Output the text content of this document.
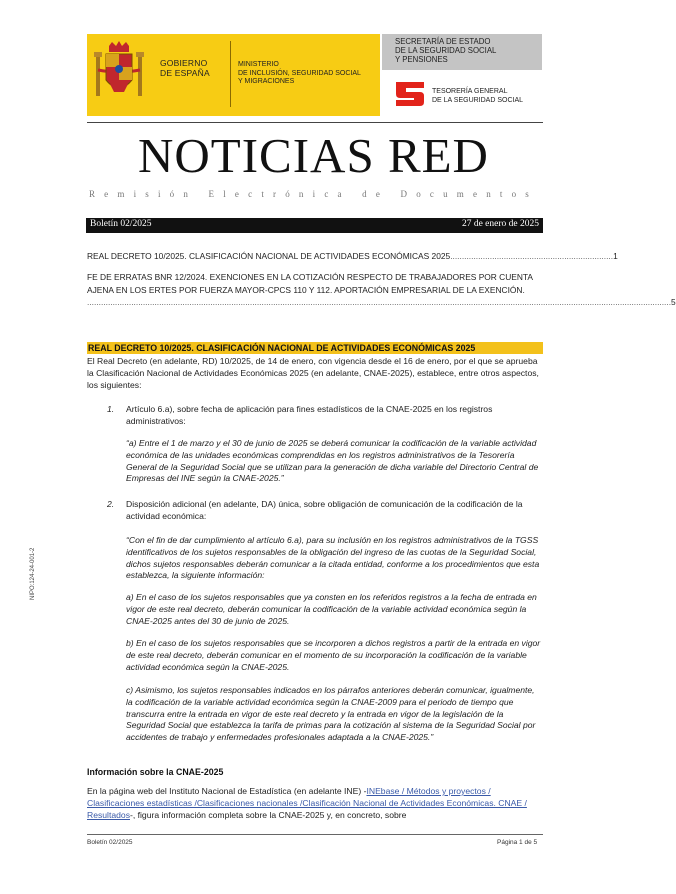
GOBIERNO
DE ESPAÑA
MINISTERIO
DE INCLUSIÓN, SEGURIDAD SOCIAL
Y MIGRACIONES
SECRETARÍA DE ESTADO
DE LA SEGURIDAD SOCIAL
Y PENSIONES
TESORERÍA GENERAL
DE LA SEGURIDAD SOCIAL
NOTICIAS RED
Remisión Electrónica de Documentos
Boletín 02/2025	27 de enero de 2025
REAL DECRETO 10/2025. CLASIFICACIÓN NACIONAL DE ACTIVIDADES ECONÓMICAS 2025 ...................................................................... 1
FE DE ERRATAS BNR 12/2024. EXENCIONES EN LA COTIZACIÓN RESPECTO DE TRABAJADORES POR CUENTA
AJENA EN LOS ERTES POR FUERZA MAYOR-CPCS 110 Y 112. APORTACIÓN EMPRESARIAL DE LA EXENCIÓN.
........................................................................................................................................................................................................................................................... 5
REAL DECRETO 10/2025. CLASIFICACIÓN NACIONAL DE ACTIVIDADES ECONÓMICAS 2025
El Real Decreto (en adelante, RD) 10/2025, de 14 de enero, con vigencia desde el 16 de enero, por el que se aprueba la Clasificación Nacional de Actividades Económicas 2025 (en adelante, CNAE-2025), establece, entre otros aspectos, los siguientes:
1. Artículo 6.a), sobre fecha de aplicación para fines estadísticos de la CNAE-2025 en los registros administrativos:
“a) Entre el 1 de marzo y el 30 de junio de 2025 se deberá comunicar la codificación de la variable actividad económica de las unidades económicas comprendidas en los registros administrativos de la Tesorería General de la Seguridad Social que se utilizan para la generación de dicha variable del Directorio Central de Empresas del INE según la CNAE-2025.”
2. Disposición adicional (en adelante, DA) única, sobre obligación de comunicación de la codificación de la actividad económica:
“Con el fin de dar cumplimiento al artículo 6.a), para su inclusión en los registros administrativos de la TGSS identificativos de los sujetos responsables de la obligación del ingreso de las cuotas de la Seguridad Social, dichos sujetos responsables deberán comunicar a la citada entidad, conforme a los procedimientos que esta establezca, la siguiente información:
a) En el caso de los sujetos responsables que ya consten en los referidos registros a la fecha de entrada en vigor de este real decreto, deberán comunicar la codificación de la variable actividad económica según la CNAE-2025 antes del 30 de junio de 2025.
b) En el caso de los sujetos responsables que se incorporen a dichos registros a partir de la entrada en vigor de este real decreto, deberán comunicar en el momento de su incorporación la codificación de la variable actividad económica según la CNAE-2025.
c) Asimismo, los sujetos responsables indicados en los párrafos anteriores deberán comunicar, igualmente, la codificación de la variable actividad económica según la CNAE-2009 para el periodo de tiempo que transcurra entre la entrada en vigor de este real decreto y la entrada en vigor de la legislación de la Seguridad Social que establezca la tarifa de primas para la cotización al sistema de la Seguridad Social por accidentes de trabajo y enfermedades profesionales adaptada a la CNAE-2025.”
Información sobre la CNAE-2025
En la página web del Instituto Nacional de Estadística (en adelante INE) -INEbase / Métodos y proyectos / Clasificaciones estadísticas /Clasificaciones nacionales /Clasificación Nacional de Actividades Económicas. CNAE / Resultados-, figura información completa sobre la CNAE-2025 y, en concreto, sobre
NIPO:124-24-001-2
Boletín 02/2025	Página 1 de 5
